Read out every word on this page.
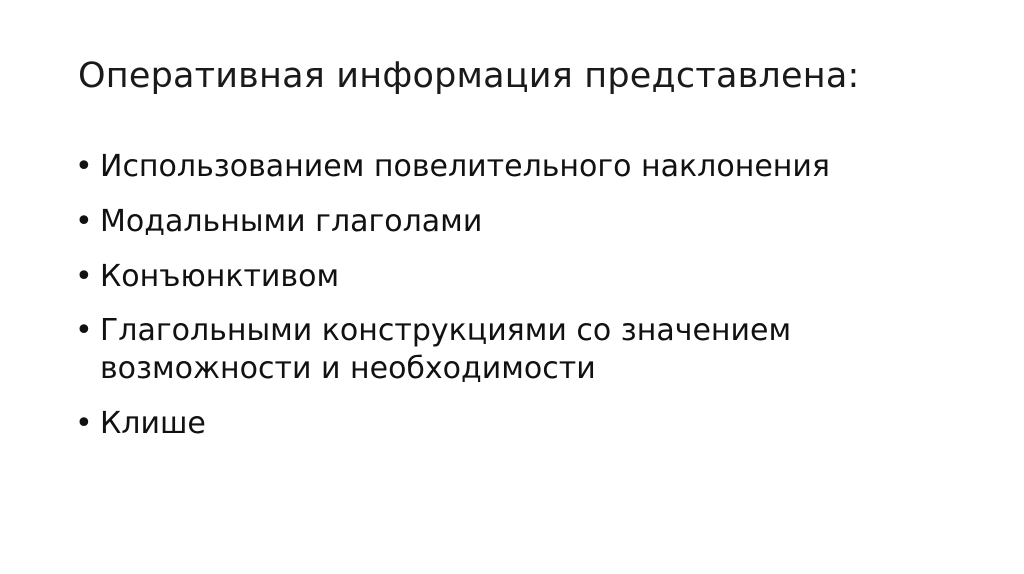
Оперативная информация представлена:
• Использованием повелительного наклонения
• Модальными глаголами
• Конъюнктивом
• Глагольными конструкциями со значением возможности и необходимости
• Клише
